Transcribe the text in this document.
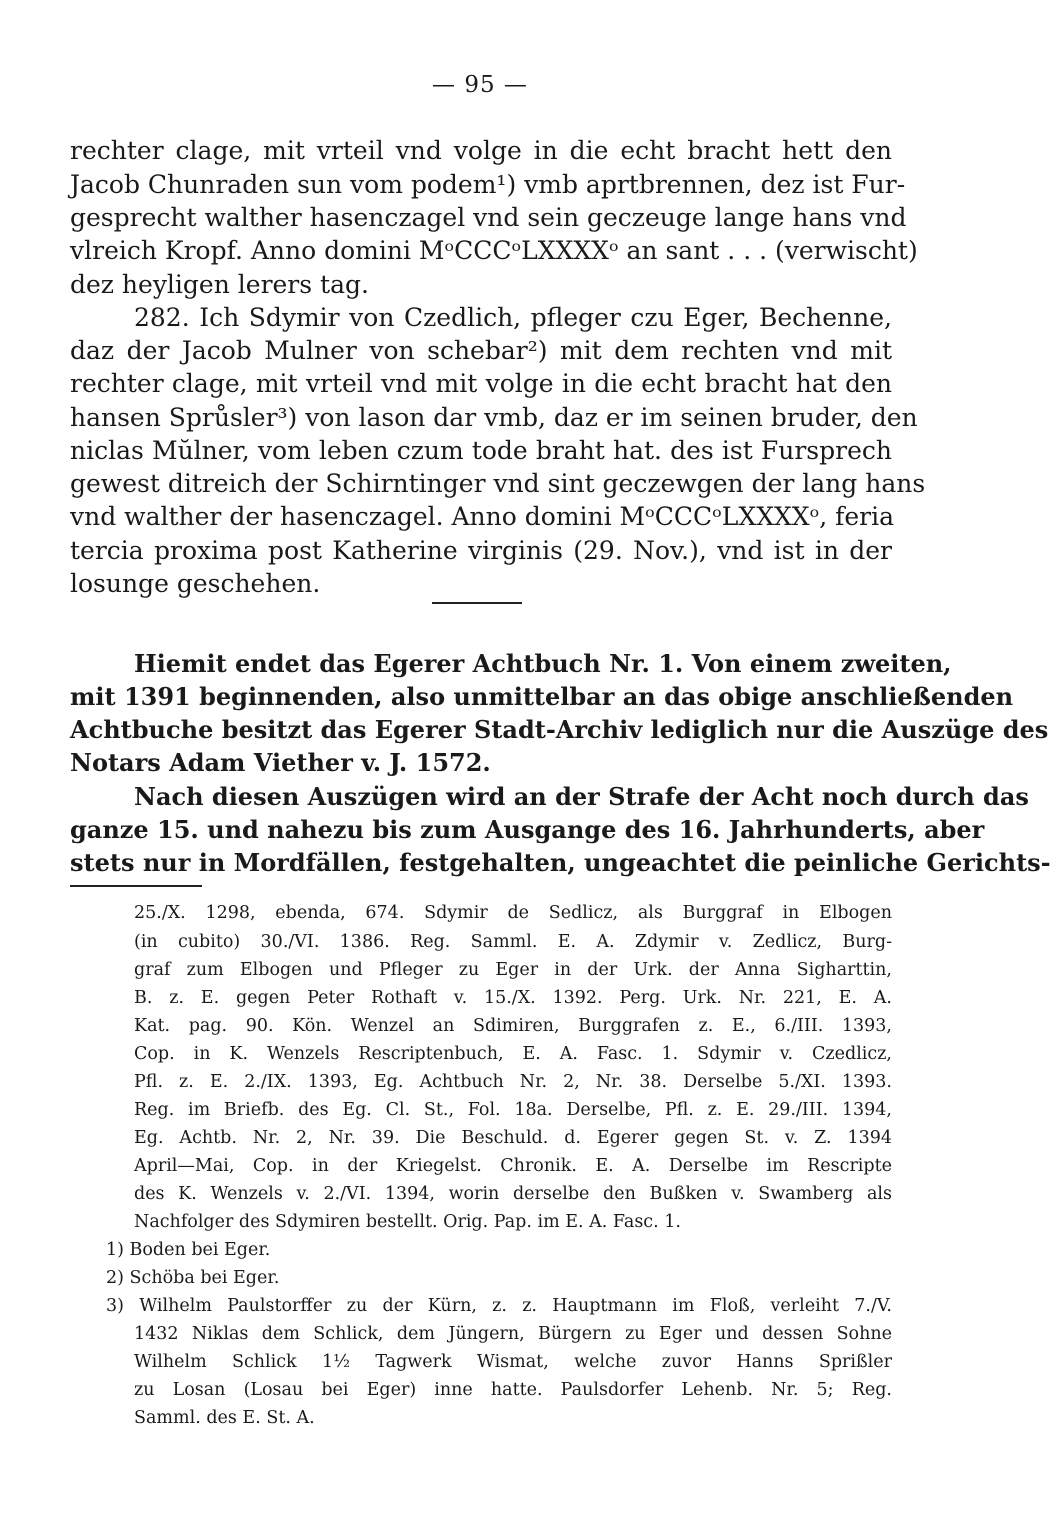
— 95 —
rechter clage, mit vrteil vnd volge in die echt bracht hett den
Jacob Chunraden sun vom podem¹) vmb aprtbrennen, dez ist Fur-
gesprecht walther hasenczagel vnd sein geczeuge lange hans vnd
vlreich Kropf. Anno domini MᵒCCCᵒLXXXXᵒ an sant . . . (verwischt)
dez heyligen lerers tag.
282. Ich Sdymir von Czedlich, pfleger czu Eger, Bechenne,
daz der Jacob Mulner von schebar²) mit dem rechten vnd mit
rechter clage, mit vrteil vnd mit volge in die echt bracht hat den
hansen Sprůsler³) von lason dar vmb, daz er im seinen bruder, den
niclas Mŭlner, vom leben czum tode braht hat. des ist Fursprech
gewest ditreich der Schirntinger vnd sint geczewgen der lang hans
vnd walther der hasenczagel. Anno domini MᵒCCCᵒLXXXXᵒ, feria
tercia proxima post Katherine virginis (29. Nov.), vnd ist in der
losunge geschehen.
Hiemit endet das Egerer Achtbuch Nr. 1. Von einem zweiten,
mit 1391 beginnenden, also unmittelbar an das obige anschließenden
Achtbuche besitzt das Egerer Stadt-Archiv lediglich nur die Auszüge des
Notars Adam Viether v. J. 1572.
Nach diesen Auszügen wird an der Strafe der Acht noch durch das
ganze 15. und nahezu bis zum Ausgange des 16. Jahrhunderts, aber
stets nur in Mordfällen, festgehalten, ungeachtet die peinliche Gerichts-
25./X. 1298, ebenda, 674. Sdymir de Sedlicz, als Burggraf in Elbogen
(in cubito) 30./VI. 1386. Reg. Samml. E. A. Zdymir v. Zedlicz, Burg-
graf zum Elbogen und Pfleger zu Eger in der Urk. der Anna Sigharttin,
B. z. E. gegen Peter Rothaft v. 15./X. 1392. Perg. Urk. Nr. 221, E. A.
Kat. pag. 90. Kön. Wenzel an Sdimiren, Burggrafen z. E., 6./III. 1393,
Cop. in K. Wenzels Rescriptenbuch, E. A. Fasc. 1. Sdymir v. Czedlicz,
Pfl. z. E. 2./IX. 1393, Eg. Achtbuch Nr. 2, Nr. 38. Derselbe 5./XI. 1393.
Reg. im Briefb. des Eg. Cl. St., Fol. 18a. Derselbe, Pfl. z. E. 29./III. 1394,
Eg. Achtb. Nr. 2, Nr. 39. Die Beschuld. d. Egerer gegen St. v. Z. 1394
April—Mai, Cop. in der Kriegelst. Chronik. E. A. Derselbe im Rescripte
des K. Wenzels v. 2./VI. 1394, worin derselbe den Bußken v. Swamberg als
Nachfolger des Sdymiren bestellt. Orig. Pap. im E. A. Fasc. 1.
1) Boden bei Eger.
2) Schöba bei Eger.
3) Wilhelm Paulstorffer zu der Kürn, z. z. Hauptmann im Floß, verleiht 7./V.
1432 Niklas dem Schlick, dem Jüngern, Bürgern zu Eger und dessen Sohne
Wilhelm Schlick 1½ Tagwerk Wismat, welche zuvor Hanns Sprißler
zu Losan (Losau bei Eger) inne hatte. Paulsdorfer Lehenb. Nr. 5; Reg.
Samml. des E. St. A.
